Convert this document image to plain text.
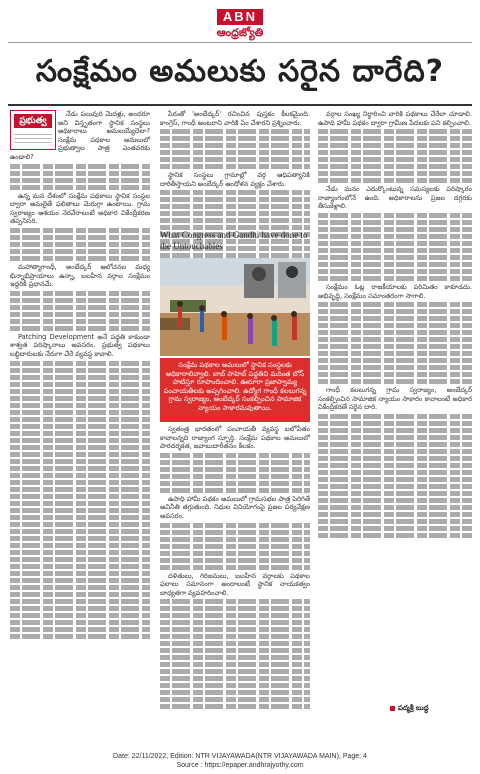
ABN
ఆంధ్రజ్యోతి
సంక్షేమం అమలుకు సరైన దారేది?

నేడు పలువురి మెదళ్లు, అందరూ అని విస్తృతంగా స్థానిక సంస్థలు అధికారాలు అమలయ్యేదెలా? సంక్షేమ పథకాల అమలులో ప్రభుత్వాల పాత్ర ఎంతవరకు ఉండాలి?

ఉన్న మన దేశంలో సంక్షేమ పథకాలు స్థానిక సంస్థల ద్వారా అమలైతే ఫలితాలు మెరుగ్గా ఉంటాయి. గ్రామ స్వరాజ్యం ఆశయం నెరవేరాలంటే అధికార వికేంద్రీకరణ తప్పనిసరి.

మహాత్మాగాంధీ, అంబేద్కర్ ఆలోచనల మధ్య భిన్నాభిప్రాయాలు ఉన్నా, బలహీన వర్గాల సంక్షేమం ఇద్దరికీ ప్రధానమే.

Patching Development అనే పద్ధతి కాకుండా శాశ్వత పరిష్కారాలు అవసరం. ప్రభుత్వ పథకాలు లబ్ధిదారులకు నేరుగా చేరే వ్యవస్థ కావాలి.

ప్రభుత్వ

పేరుతో 'అంబేద్కర్' రచించిన పుస్తకం కీలకమైంది. కాంగ్రెస్, గాంధీ అంటరాని వారికి ఏం చేశారని ప్రశ్నించారు.

స్థానిక సంస్థలు గ్రామాల్లో వర్గ ఆధిపత్యానికి దారితీస్తాయని అంబేద్కర్ ఆందోళన వ్యక్తం చేశారు.

What Congress and Gandhi have done to the Untouchables
సంక్షేమ పథకాల అమలులో స్థానిక సంస్థలకు అధికారాలివ్వాలి. బాబ్ సాహెబ్ పద్ధతిని మరింత బోస్ పాటిస్తూ రూపొందించాలి. ఊరూరా ప్రజాస్వామ్య పంచాయతీలకు అప్పగించాలి. ఉద్యోగ గాంధీ కలలుగన్న గ్రామ స్వరాజ్యం, అంబేద్కర్ సంకల్పించిన సామాజిక న్యాయం సాకారమవుతాయి.

స్వతంత్ర భారతంలో పంచాయతీ వ్యవస్థ బలోపేతం కావాలన్నది రాజ్యాంగ స్ఫూర్తి. సంక్షేమ పథకాల అమలులో పారదర్శకత, జవాబుదారీతనం కీలకం.

ఉపాధి హామీ పథకం అమలులో గ్రామసభల పాత్ర పెరిగితే అవినీతి తగ్గుతుంది. నిధుల వినియోగంపై ప్రజల పర్యవేక్షణ అవసరం.

దళితులు, గిరిజనులు, బలహీన వర్గాలకు పథకాల ఫలాలు సమానంగా అందాలంటే స్థానిక నాయకత్వం బాధ్యతగా వ్యవహరించాలి.

వర్గాల సంఖ్య నిర్ధారించి వారికి పథకాలు చేరేలా చూడాలి. ఉపాధి హామీ పథకం ద్వారా గ్రామీణ పేదలకు పని కల్పించాలి.

నేడు మనం ఎదుర్కొంటున్న సమస్యలకు పరిష్కారం రాజ్యాంగంలోనే ఉంది. అధికారాలను ప్రజల దగ్గరకు తీసుకెళ్లాలి.

సంక్షేమం ఓట్ల రాజకీయాలకు పరిమితం కాకూడదు. అభివృద్ధి, సంక్షేమం సమాంతరంగా సాగాలి.

గాంధీ కలలుగన్న గ్రామ స్వరాజ్యం, అంబేద్కర్ సంకల్పించిన సామాజిక న్యాయం సాకారం కావాలంటే అధికార వికేంద్రీకరణే సరైన దారి.

పద్మశ్రీ బుధ్ధ
Date: 22/11/2022, Edition: NTR VIJAYAWADA(NTR VIJAYAWADA MAIN), Page: 4
Source : https://epaper.andhrajyothy.com
